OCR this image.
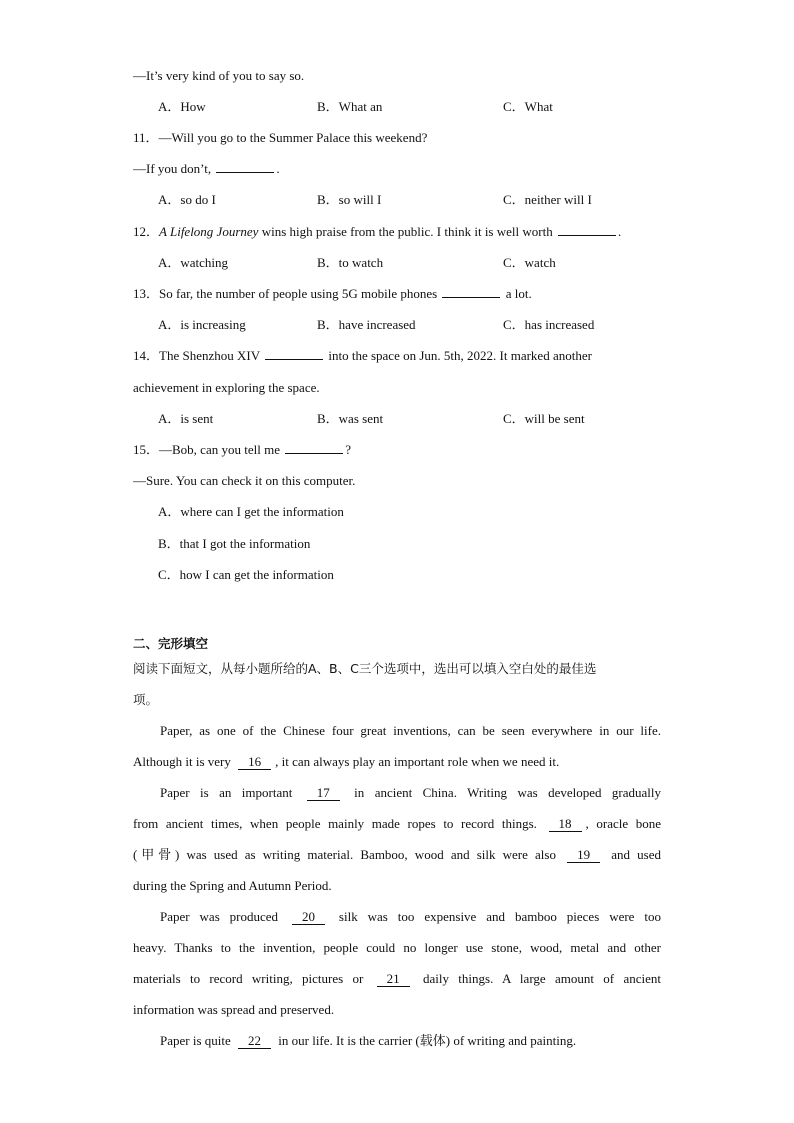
—It’s very kind of you to say so.
A．How	B．What an	C．What
11．—Will you go to the Summer Palace this weekend?
—If you don’t,	.
A．so do I	B．so will I	C．neither will I
12．A Lifelong Journey wins high praise from the public. I think it is well worth	.
A．watching	B．to watch	C．watch
13．So far, the number of people using 5G mobile phones	a lot.
A．is increasing	B．have increased	C．has increased
14．The Shenzhou XIV	into the space on Jun. 5th, 2022. It marked another
achievement in exploring the space.
A．is sent	B．was sent	C．will be sent
15．—Bob, can you tell me	?
—Sure. You can check it on this computer.
A．where can I get the information
B．that I got the information
C．how I can get the information
二、完形填空
阅读下面短文，从每小题所给的A、B、C三个选项中，选出可以填入空白处的最佳选
项。
Paper, as one of the Chinese four great inventions, can be seen everywhere in our life.
Although it is very 16 , it can always play an important role when we need it.
Paper is an important 17 in ancient China. Writing was developed gradually
from ancient times, when people mainly made ropes to record things. 18 , oracle bone
(甲骨) was used as writing material. Bamboo, wood and silk were also 19 and used
during the Spring and Autumn Period.
Paper was produced 20 silk was too expensive and bamboo pieces were too
heavy. Thanks to the invention, people could no longer use stone, wood, metal and other
materials to record writing, pictures or 21 daily things. A large amount of ancient
information was spread and preserved.
Paper is quite 22 in our life. It is the carrier (载体) of writing and painting.
